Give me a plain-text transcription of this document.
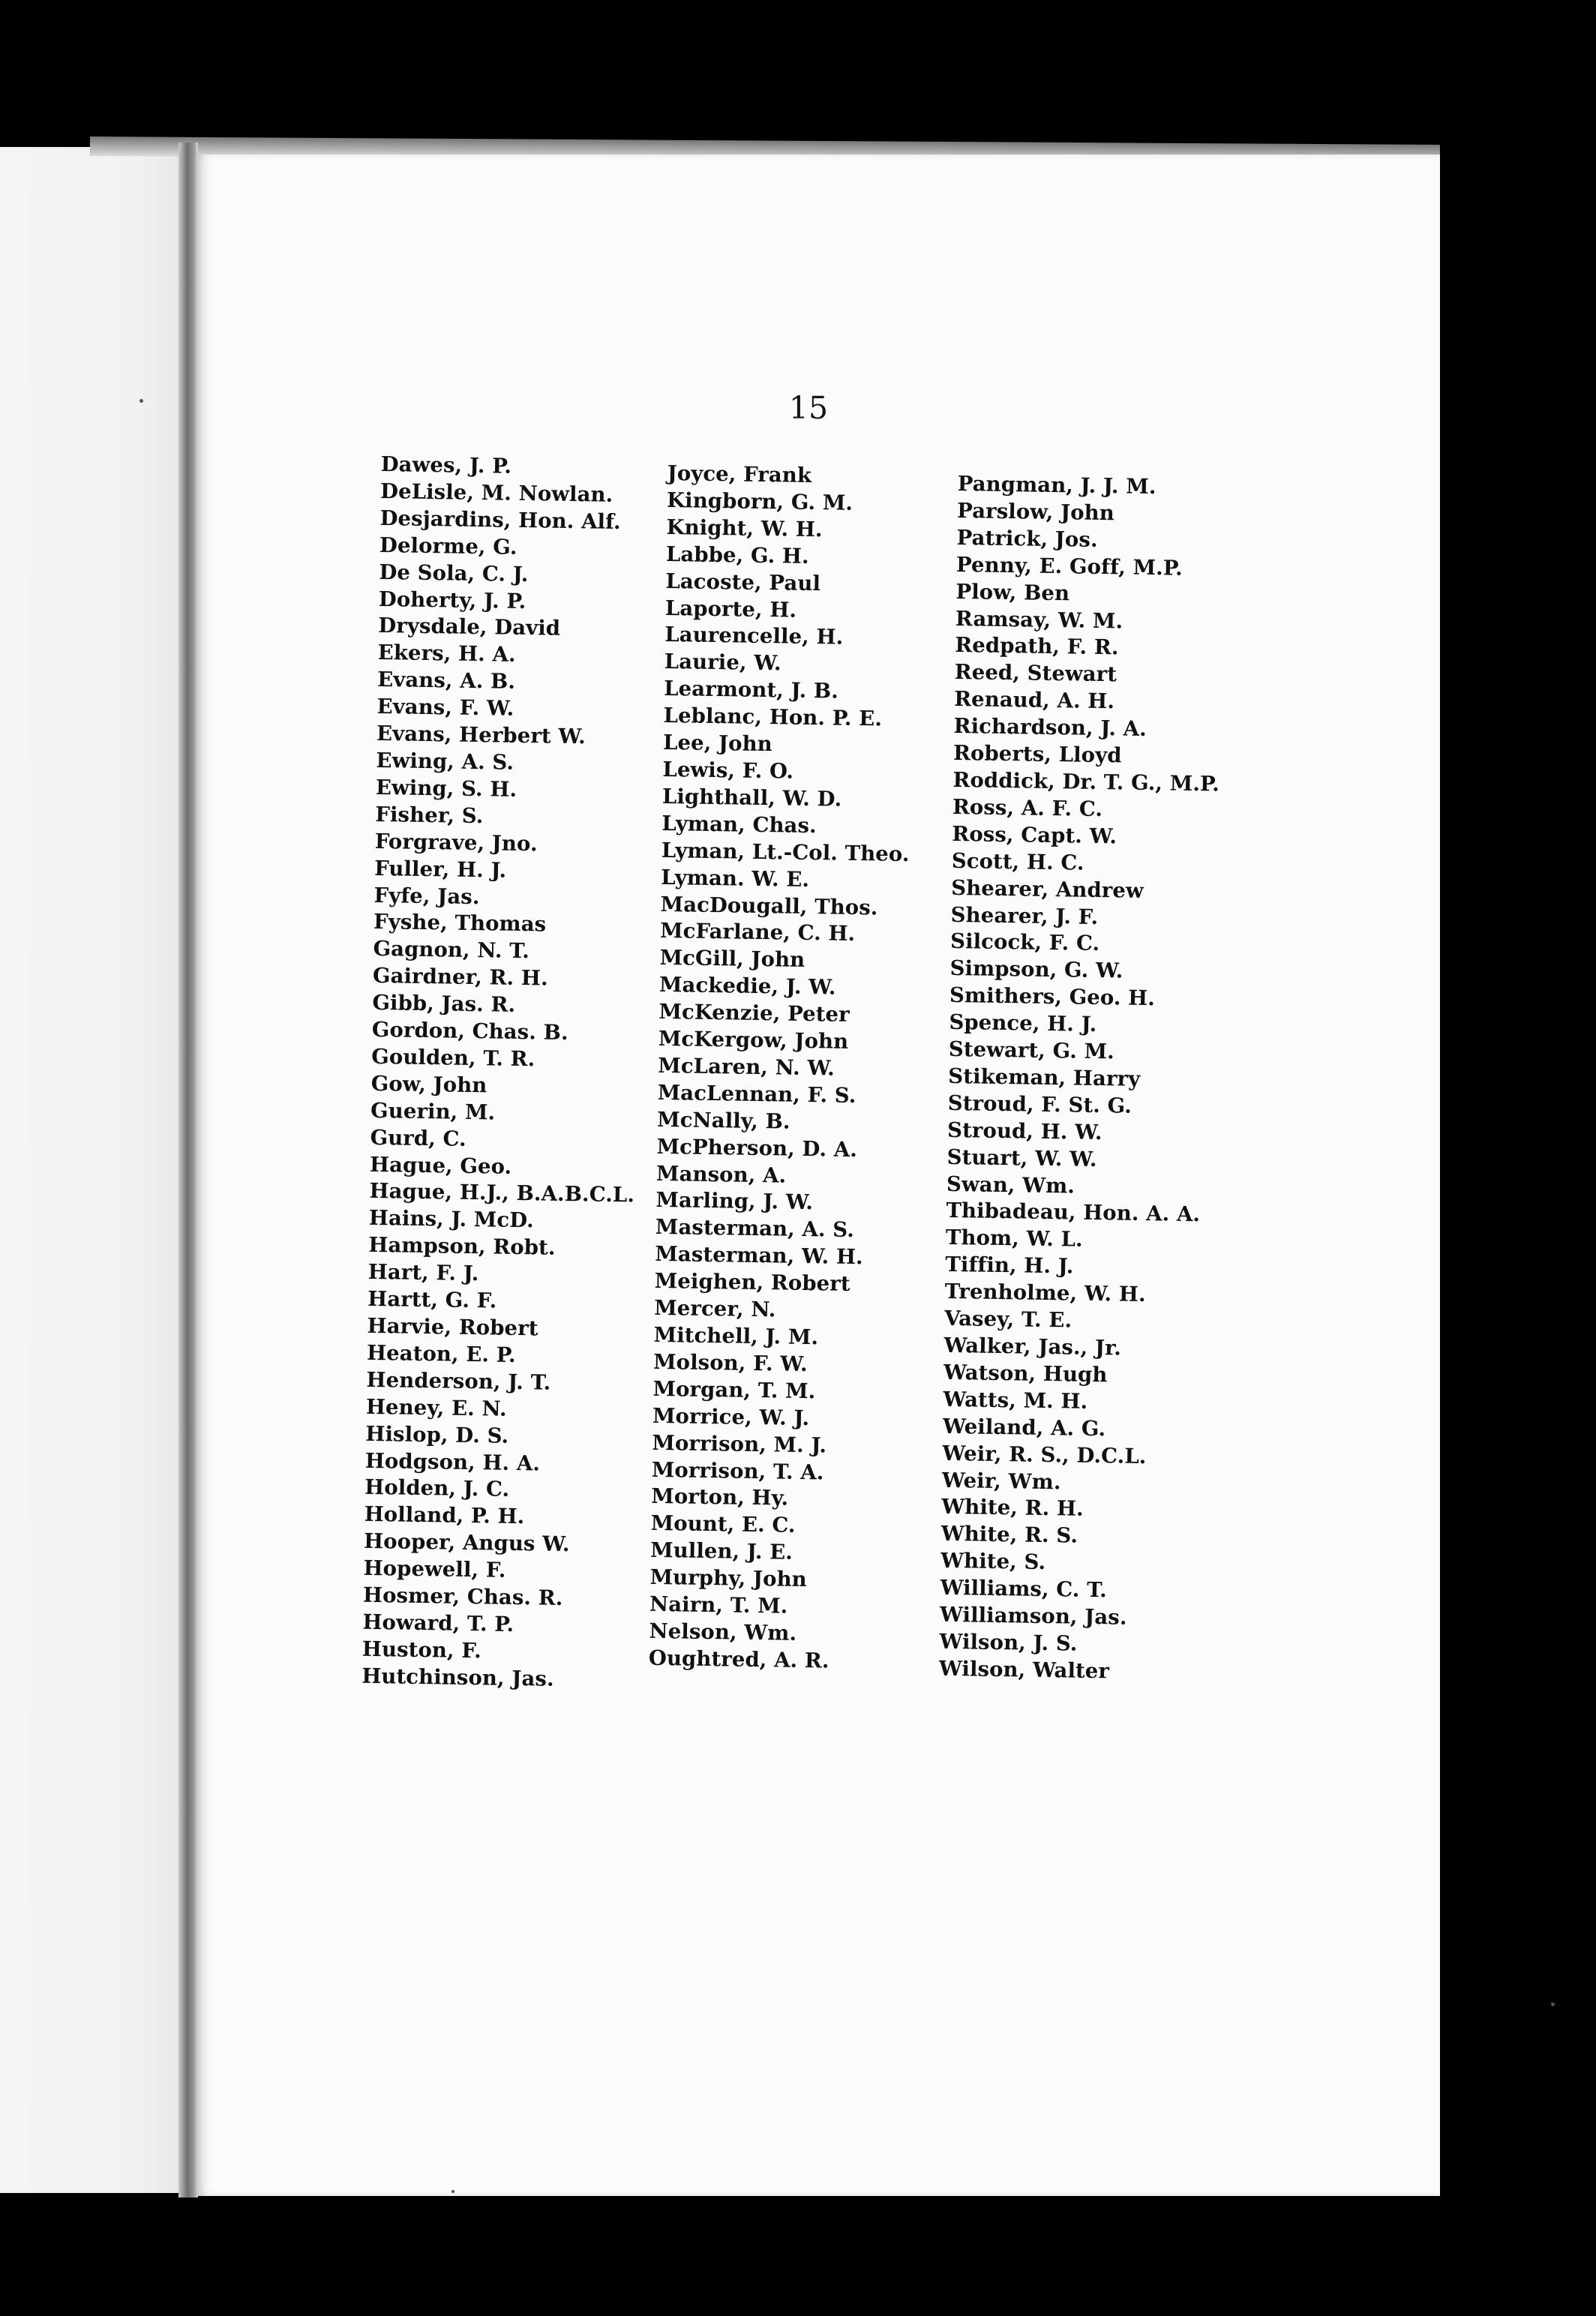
15
Dawes, J. P.
DeLisle, M. Nowlan.
Desjardins, Hon. Alf.
Delorme, G.
De Sola, C. J.
Doherty, J. P.
Drysdale, David
Ekers, H. A.
Evans, A. B.
Evans, F. W.
Evans, Herbert W.
Ewing, A. S.
Ewing, S. H.
Fisher, S.
Forgrave, Jno.
Fuller, H. J.
Fyfe, Jas.
Fyshe, Thomas
Gagnon, N. T.
Gairdner, R. H.
Gibb, Jas. R.
Gordon, Chas. B.
Goulden, T. R.
Gow, John
Guerin, M.
Gurd, C.
Hague, Geo.
Hague, H.J., B.A.B.C.L.
Hains, J. McD.
Hampson, Robt.
Hart, F. J.
Hartt, G. F.
Harvie, Robert
Heaton, E. P.
Henderson, J. T.
Heney, E. N.
Hislop, D. S.
Hodgson, H. A.
Holden, J. C.
Holland, P. H.
Hooper, Angus W.
Hopewell, F.
Hosmer, Chas. R.
Howard, T. P.
Huston, F.
Hutchinson, Jas.
Joyce, Frank
Kingborn, G. M.
Knight, W. H.
Labbe, G. H.
Lacoste, Paul
Laporte, H.
Laurencelle, H.
Laurie, W.
Learmont, J. B.
Leblanc, Hon. P. E.
Lee, John
Lewis, F. O.
Lighthall, W. D.
Lyman, Chas.
Lyman, Lt.-Col. Theo.
Lyman. W. E.
MacDougall, Thos.
McFarlane, C. H.
McGill, John
Mackedie, J. W.
McKenzie, Peter
McKergow, John
McLaren, N. W.
MacLennan, F. S.
McNally, B.
McPherson, D. A.
Manson, A.
Marling, J. W.
Masterman, A. S.
Masterman, W. H.
Meighen, Robert
Mercer, N.
Mitchell, J. M.
Molson, F. W.
Morgan, T. M.
Morrice, W. J.
Morrison, M. J.
Morrison, T. A.
Morton, Hy.
Mount, E. C.
Mullen, J. E.
Murphy, John
Nairn, T. M.
Nelson, Wm.
Oughtred, A. R.
Pangman, J. J. M.
Parslow, John
Patrick, Jos.
Penny, E. Goff, M.P.
Plow, Ben
Ramsay, W. M.
Redpath, F. R.
Reed, Stewart
Renaud, A. H.
Richardson, J. A.
Roberts, Lloyd
Roddick, Dr. T. G., M.P.
Ross, A. F. C.
Ross, Capt. W.
Scott, H. C.
Shearer, Andrew
Shearer, J. F.
Silcock, F. C.
Simpson, G. W.
Smithers, Geo. H.
Spence, H. J.
Stewart, G. M.
Stikeman, Harry
Stroud, F. St. G.
Stroud, H. W.
Stuart, W. W.
Swan, Wm.
Thibadeau, Hon. A. A.
Thom, W. L.
Tiffin, H. J.
Trenholme, W. H.
Vasey, T. E.
Walker, Jas., Jr.
Watson, Hugh
Watts, M. H.
Weiland, A. G.
Weir, R. S., D.C.L.
Weir, Wm.
White, R. H.
White, R. S.
White, S.
Williams, C. T.
Williamson, Jas.
Wilson, J. S.
Wilson, Walter
